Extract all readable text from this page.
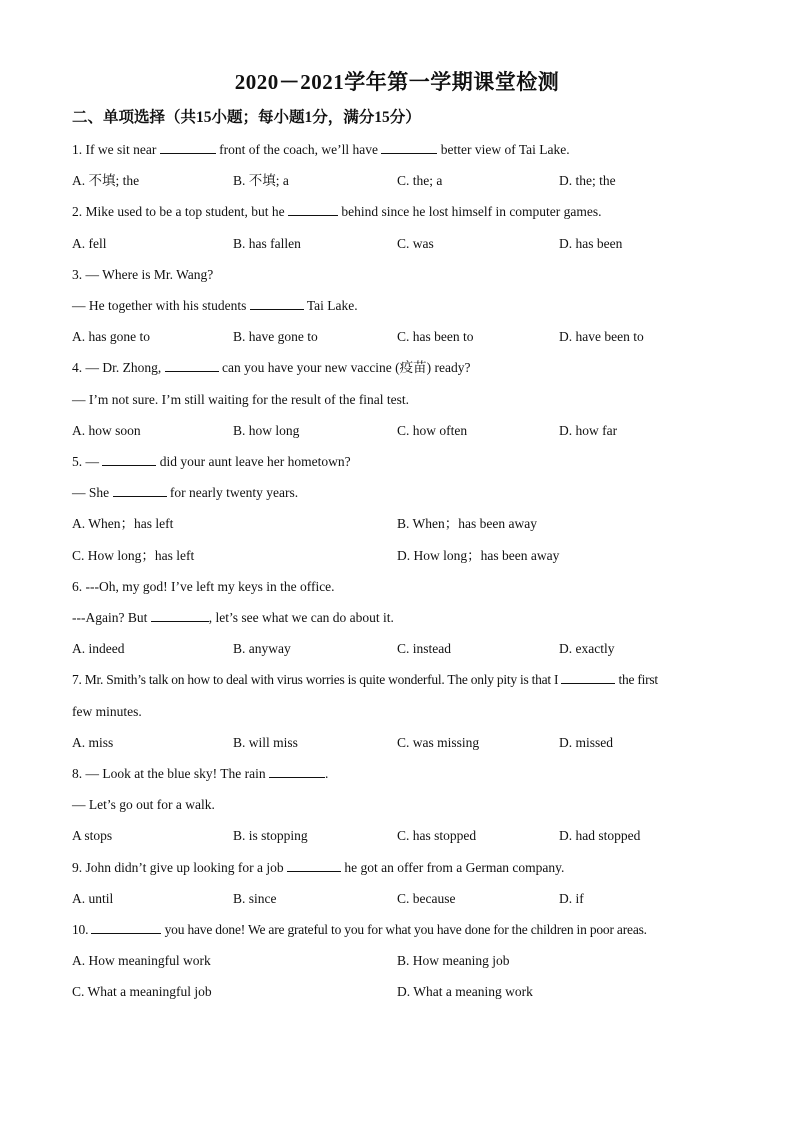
2020－2021学年第一学期课堂检测
二、单项选择（共15小题；每小题1分，满分15分）
1. If we sit near	front of the coach, we’ll have	better view of Tai Lake.
A. 不填; the	B. 不填; a	C. the; a	D. the; the
2. Mike used to be a top student, but he	behind since he lost himself in computer games.
A. fell	B. has fallen	C. was	D. has been
3. — Where is Mr. Wang?
— He together with his students	Tai Lake.
A. has gone to	B. have gone to	C. has been to	D. have been to
4. — Dr. Zhong,	can you have your new vaccine (疫苗) ready?
— I’m not sure. I’m still waiting for the result of the final test.
A. how soon	B. how long	C. how often	D. how far
5. —	did your aunt leave her hometown?
— She	for nearly twenty years.
A. When；has left	B. When；has been away
C. How long；has left	D. How long；has been away
6. ---Oh, my god! I’ve left my keys in the office.
---Again? But	, let’s see what we can do about it.
A. indeed	B. anyway	C. instead	D. exactly
7. Mr. Smith’s talk on how to deal with virus worries is quite wonderful. The only pity is that I	the first
few minutes.
A. miss	B. will miss	C. was missing	D. missed
8. — Look at the blue sky! The rain	.
— Let’s go out for a walk.
A stops	B. is stopping	C. has stopped	D. had stopped
9. John didn’t give up looking for a job	he got an offer from a German company.
A. until	B. since	C. because	D. if
10.	you have done! We are grateful to you for what you have done for the children in poor areas.
A. How meaningful work	B. How meaning job
C. What a meaningful job	D. What a meaning work
